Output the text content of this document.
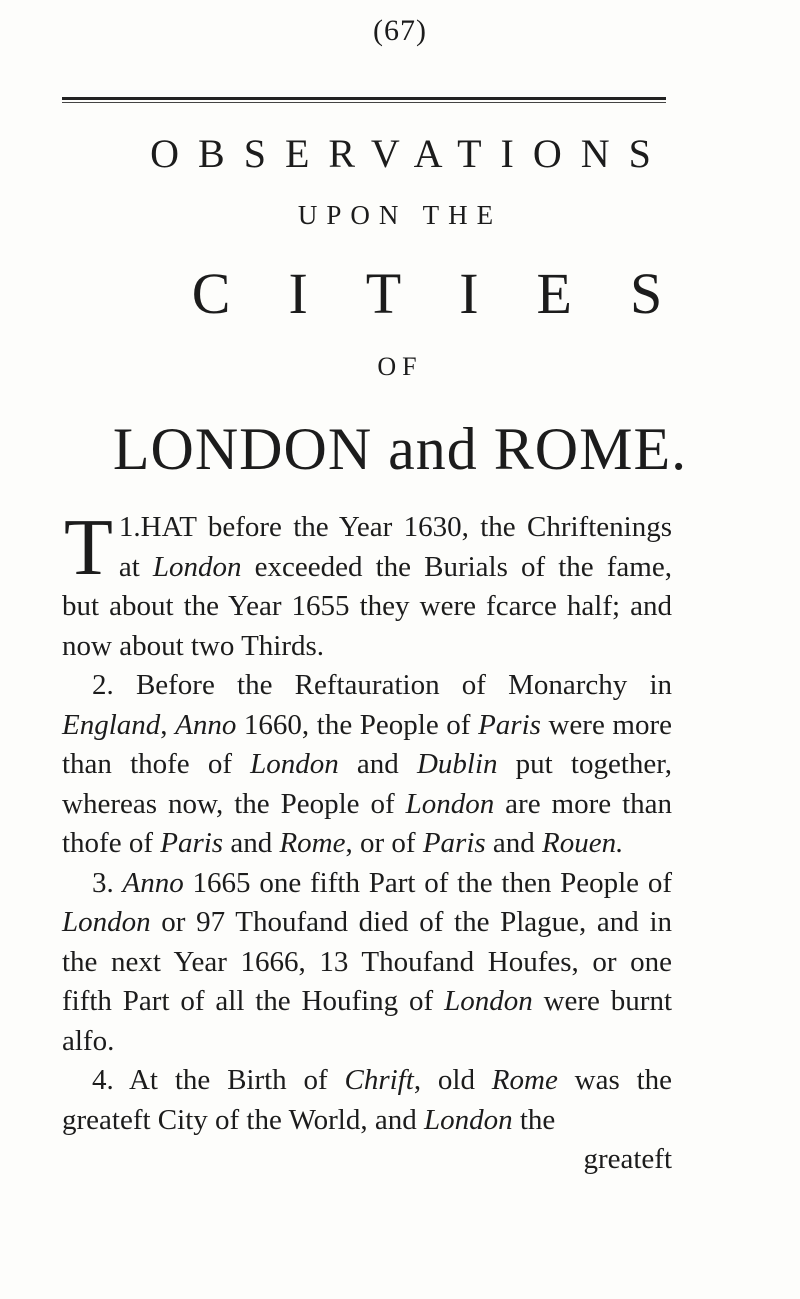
(67)
OBSERVATIONS
UPON THE
CITIES
OF
LONDON and ROME.

1.
T HAT before the Year 1630, the Chriftenings at London exceeded the Burials of the fame, but about the Year 1655 they were fcarce half; and now about two Thirds.

2. Before the Reftauration of Monarchy in England, Anno 1660, the People of Paris were more than thofe of London and Dublin put together, whereas now, the People of London are more than thofe of Paris and Rome, or of Paris and Rouen.

3. Anno 1665 one fifth Part of the then People of London or 97 Thoufand died of the Plague, and in the next Year 1666, 13 Thoufand Houfes, or one fifth Part of all the Houfing of London were burnt alfo.

4. At the Birth of Chrift, old Rome was the greateft City of the World, and London the

greateft
